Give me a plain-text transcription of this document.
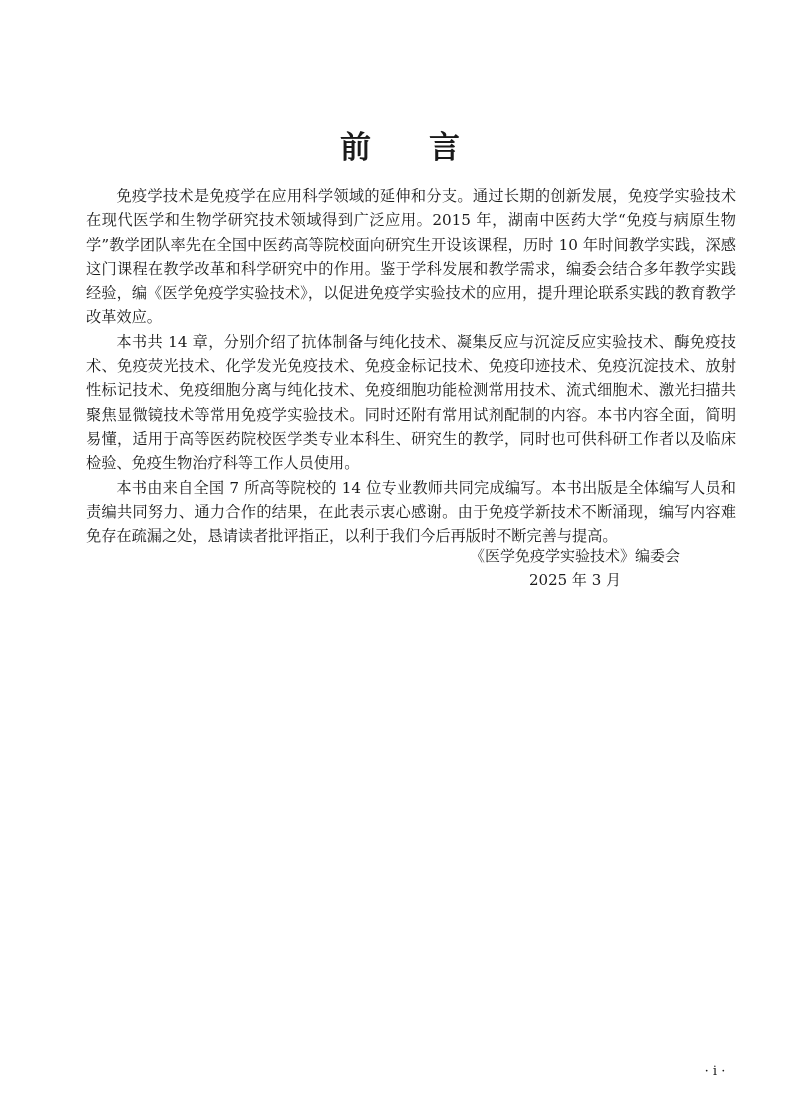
前言

免疫学技术是免疫学在应用科学领域的延伸和分支。通过长期的创新发展，免疫学实验技术在现代医学和生物学研究技术领域得到广泛应用。2015 年，湖南中医药大学“免疫与病原生物学”教学团队率先在全国中医药高等院校面向研究生开设该课程，历时 10 年时间教学实践，深感这门课程在教学改革和科学研究中的作用。鉴于学科发展和教学需求，编委会结合多年教学实践经验，编《医学免疫学实验技术》，以促进免疫学实验技术的应用，提升理论联系实践的教育教学改革效应。

本书共 14 章，分别介绍了抗体制备与纯化技术、凝集反应与沉淀反应实验技术、酶免疫技术、免疫荧光技术、化学发光免疫技术、免疫金标记技术、免疫印迹技术、免疫沉淀技术、放射性标记技术、免疫细胞分离与纯化技术、免疫细胞功能检测常用技术、流式细胞术、激光扫描共聚焦显微镜技术等常用免疫学实验技术。同时还附有常用试剂配制的内容。本书内容全面，简明易懂，适用于高等医药院校医学类专业本科生、研究生的教学，同时也可供科研工作者以及临床检验、免疫生物治疗科等工作人员使用。

本书由来自全国 7 所高等院校的 14 位专业教师共同完成编写。本书出版是全体编写人员和责编共同努力、通力合作的结果，在此表示衷心感谢。由于免疫学新技术不断涌现，编写内容难免存在疏漏之处，恳请读者批评指正，以利于我们今后再版时不断完善与提高。

《医学免疫学实验技术》编委会
2025 年 3 月
· i ·
